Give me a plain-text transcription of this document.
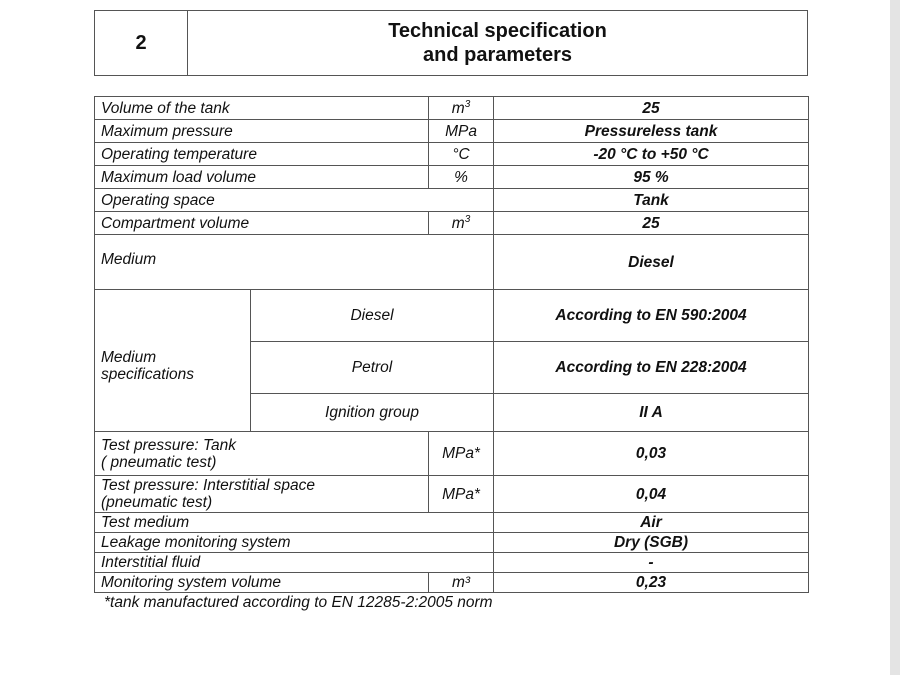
2
Technical specification
and parameters
Volume of the tank		$m^3$	25
Maximum pressure		MPa	Pressureless tank
Operating temperature		°C	-20 °C to +50 °C
Maximum load volume		%	95 %
Operating space			Tank
Compartment volume		$m^3$	25
Medium			Diesel
Medium specifications	Diesel		According to EN 590:2004
	Petrol		According to EN 228:2004
	Ignition group		II A

Test pressure: Tank
( pneumatic test)		MPa*	0,03

Test pressure: Interstitial space
(pneumatic test)		MPa*	0,04
Test medium			Air
Leakage monitoring system			Dry (SGB)
Interstitial fluid			-
Monitoring system volume		m³	0,23
*tank manufactured according to EN 12285-2:2005 norm
